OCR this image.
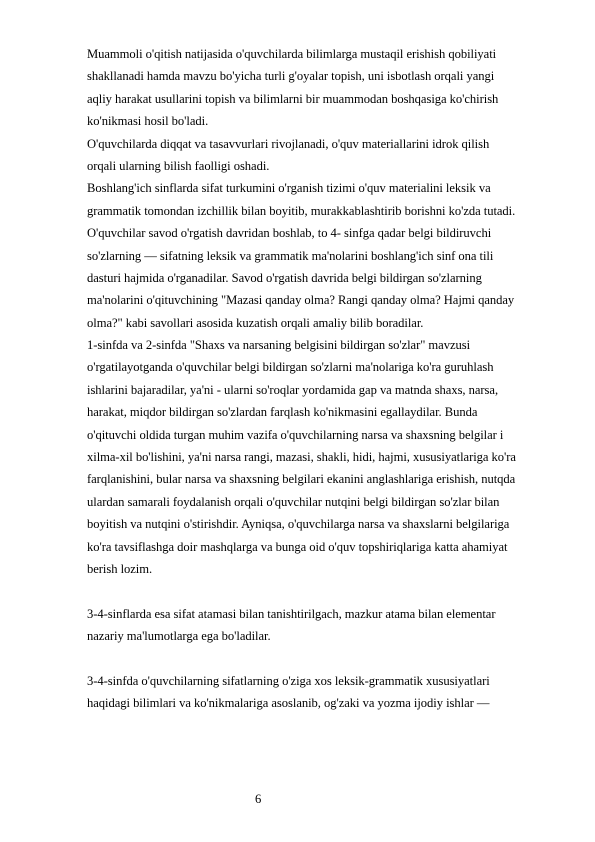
Muammoli o'qitish natijasida o'quvchilarda bilimlarga mustaqil erishish qobiliyati
shakllanadi hamda mavzu bo'yicha turli g'oyalar topish, uni isbotlash orqali yangi
aqliy harakat usullarini topish va bilimlarni bir muammodan boshqasiga ko'chirish
ko'nikmasi hosil bo'ladi.
O'quvchilarda diqqat va tasavvurlari rivojlanadi, o'quv materiallarini idrok qilish
orqali ularning bilish faolligi oshadi.
Boshlang'ich sinflarda sifat turkumini o'rganish tizimi o'quv materialini leksik va
grammatik tomondan izchillik bilan boyitib, murakkablashtirib borishni ko'zda tutadi.
O'quvchilar savod o'rgatish davridan boshlab, to 4- sinfga qadar belgi bildiruvchi
so'zlarning — sifatning leksik va grammatik ma'nolarini boshlang'ich sinf ona tili
dasturi hajmida o'rganadilar. Savod o'rgatish davrida belgi bildirgan so'zlarning
ma'nolarini o'qituvchining "Mazasi qanday olma? Rangi qanday olma? Hajmi qanday
olma?" kabi savollari asosida kuzatish orqali amaliy bilib boradilar.
1-sinfda va 2-sinfda "Shaxs va narsaning belgisini bildirgan so'zlar" mavzusi
o'rgatilayotganda o'quvchilar belgi bildirgan so'zlarni ma'nolariga ko'ra guruhlash
ishlarini bajaradilar, ya'ni - ularni so'roqlar yordamida gap va matnda shaxs, narsa,
harakat, miqdor bildirgan so'zlardan farqlash ko'nikmasini egallaydilar. Bunda
o'qituvchi oldida turgan muhim vazifa o'quvchilarning narsa va shaxsning belgilar i
xilma-xil bo'lishini, ya'ni narsa rangi, mazasi, shakli, hidi, hajmi, xususiyatlariga ko'ra
farqlanishini, bular narsa va shaxsning belgilari ekanini anglashlariga erishish, nutqda
ulardan samarali foydalanish orqali o'quvchilar nutqini belgi bildirgan so'zlar bilan
boyitish va nutqini o'stirishdir. Ayniqsa, o'quvchilarga narsa va shaxslarni belgilariga
ko'ra tavsiflashga doir mashqlarga va bunga oid o'quv topshiriqlariga katta ahamiyat
berish lozim.
3-4-sinflarda esa sifat atamasi bilan tanishtirilgach, mazkur atama bilan elementar
nazariy ma'lumotlarga ega bo'ladilar.
3-4-sinfda o'quvchilarning sifatlarning o'ziga xos leksik-grammatik xususiyatlari
haqidagi bilimlari va ko'nikmalariga asoslanib, og'zaki va yozma ijodiy ishlar —
6
